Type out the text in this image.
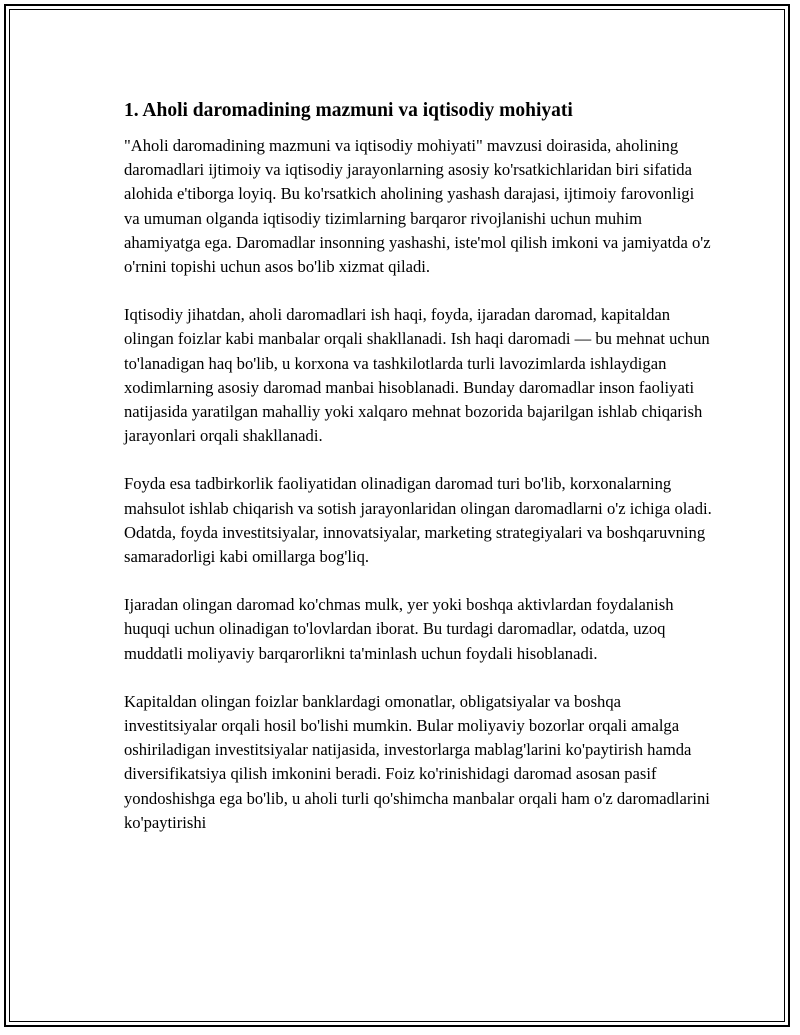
1. Aholi daromadining mazmuni va iqtisodiy mohiyati

"Aholi daromadining mazmuni va iqtisodiy mohiyati" mavzusi doirasida, aholining daromadlari ijtimoiy va iqtisodiy jarayonlarning asosiy ko'rsatkichlaridan biri sifatida alohida e'tiborga loyiq. Bu ko'rsatkich aholining yashash darajasi, ijtimoiy farovonligi va umuman olganda iqtisodiy tizimlarning barqaror rivojlanishi uchun muhim ahamiyatga ega. Daromadlar insonning yashashi, iste'mol qilish imkoni va jamiyatda o'z o'rnini topishi uchun asos bo'lib xizmat qiladi.

Iqtisodiy jihatdan, aholi daromadlari ish haqi, foyda, ijaradan daromad, kapitaldan olingan foizlar kabi manbalar orqali shakllanadi. Ish haqi daromadi — bu mehnat uchun to'lanadigan haq bo'lib, u korxona va tashkilotlarda turli lavozimlarda ishlaydigan xodimlarning asosiy daromad manbai hisoblanadi. Bunday daromadlar inson faoliyati natijasida yaratilgan mahalliy yoki xalqaro mehnat bozorida bajarilgan ishlab chiqarish jarayonlari orqali shakllanadi.

Foyda esa tadbirkorlik faoliyatidan olinadigan daromad turi bo'lib, korxonalarning mahsulot ishlab chiqarish va sotish jarayonlaridan olingan daromadlarni o'z ichiga oladi. Odatda, foyda investitsiyalar, innovatsiyalar, marketing strategiyalari va boshqaruvning samaradorligi kabi omillarga bog'liq.

Ijaradan olingan daromad ko'chmas mulk, yer yoki boshqa aktivlardan foydalanish huquqi uchun olinadigan to'lovlardan iborat. Bu turdagi daromadlar, odatda, uzoq muddatli moliyaviy barqarorlikni ta'minlash uchun foydali hisoblanadi.

Kapitaldan olingan foizlar banklardagi omonatlar, obligatsiyalar va boshqa investitsiyalar orqali hosil bo'lishi mumkin. Bular moliyaviy bozorlar orqali amalga oshiriladigan investitsiyalar natijasida, investorlarga mablag'larini ko'paytirish hamda diversifikatsiya qilish imkonini beradi. Foiz ko'rinishidagi daromad asosan pasif yondoshishga ega bo'lib, u aholi turli qo'shimcha manbalar orqali ham o'z daromadlarini ko'paytirishi
